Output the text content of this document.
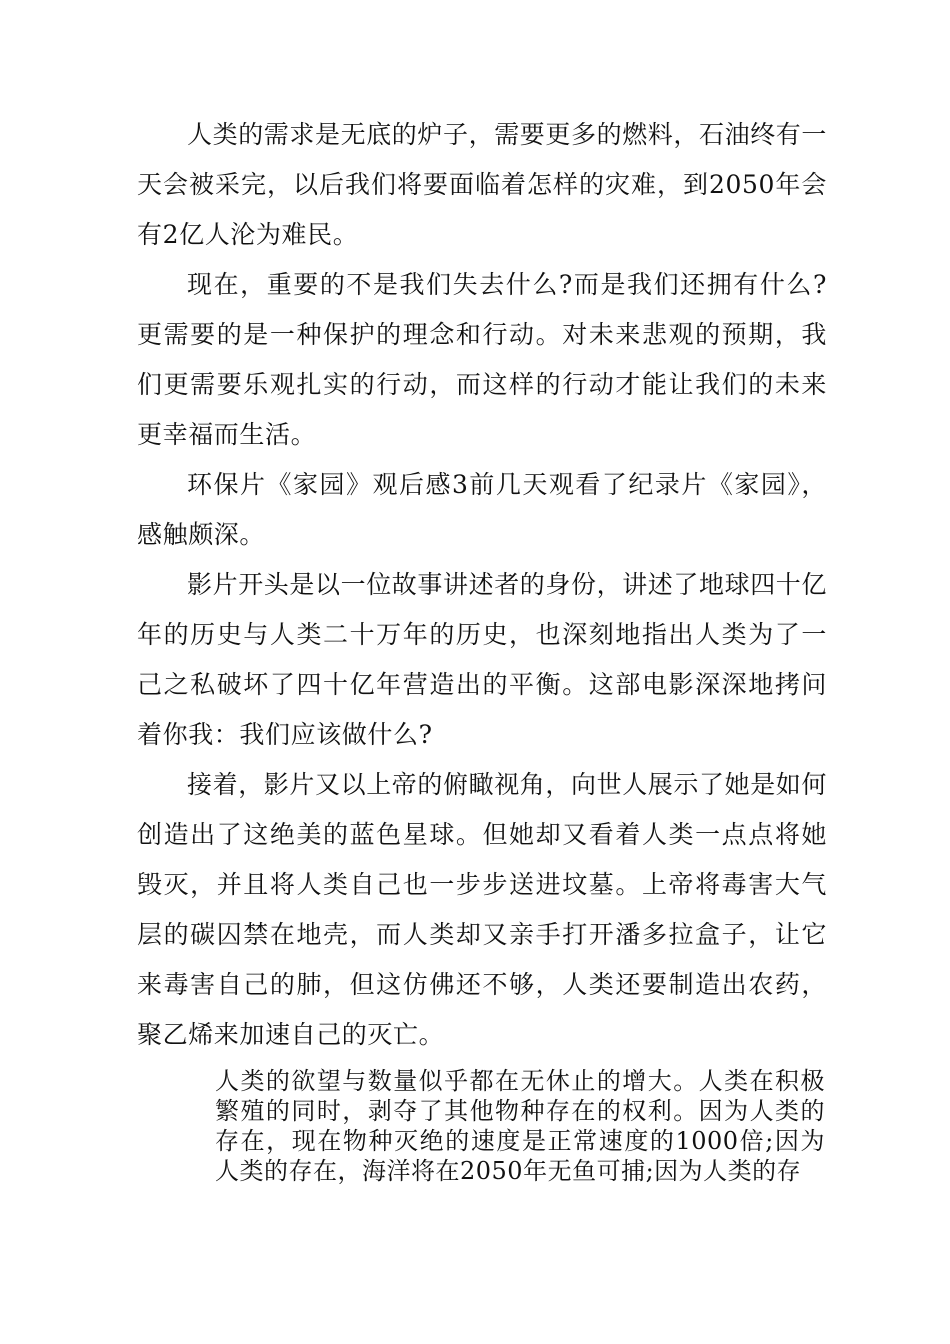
人类的需求是无底的炉子，需要更多的燃料，石油终有一天会被采完，以后我们将要面临着怎样的灾难，到2050年会有2亿人沦为难民。

现在，重要的不是我们失去什么?而是我们还拥有什么?更需要的是一种保护的理念和行动。对未来悲观的预期，我们更需要乐观扎实的行动，而这样的行动才能让我们的未来更幸福而生活。

环保片《家园》观后感3前几天观看了纪录片《家园》，感触颇深。

影片开头是以一位故事讲述者的身份，讲述了地球四十亿年的历史与人类二十万年的历史，也深刻地指出人类为了一己之私破坏了四十亿年营造出的平衡。这部电影深深地拷问着你我：我们应该做什么?

接着，影片又以上帝的俯瞰视角，向世人展示了她是如何创造出了这绝美的蓝色星球。但她却又看着人类一点点将她毁灭，并且将人类自己也一步步送进坟墓。上帝将毒害大气层的碳囚禁在地壳，而人类却又亲手打开潘多拉盒子，让它来毒害自己的肺，但这仿佛还不够，人类还要制造出农药，聚乙烯来加速自己的灭亡。

人类的欲望与数量似乎都在无休止的增大。人类在积极繁殖的同时，剥夺了其他物种存在的权利。因为人类的存在，现在物种灭绝的速度是正常速度的1000倍;因为人类的存在，海洋将在2050年无鱼可捕;因为人类的存
